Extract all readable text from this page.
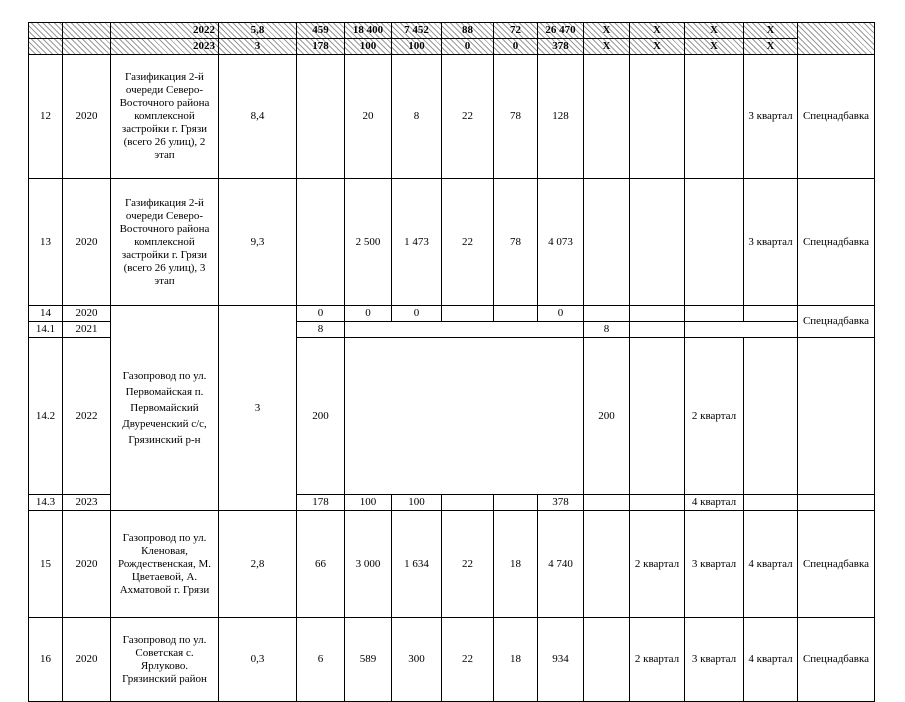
		2022	5,8	459	18 400	7 452	88	72	26 470	X	X	X	X		
		2023	3	178	100	100	0	0	378	X	X	X	X		
12	2020	Газификация 2-й очереди Северо-Восточного района комплексной застройки г. Грязи (всего 26 улиц), 2 этап	8,4		20	8	22	78	128				3 квартал	Спецнадбавка	
13	2020	Газификация 2-й очереди Северо-Восточного района комплексной застройки г. Грязи (всего 26 улиц), 3 этап	9,3		2 500	1 473	22	78	4 073				3 квартал	Спецнадбавка	
14	2020	Газопровод по ул. Первомайская п. Первомайский Двуреченский с/с, Грязинский р-н	3	0	0	0			0					Спецнадбавка	
14.1	2021			8						8					
14.2	2022			200						200		2 квартал			
14.3	2023			178	100	100			378			4 квартал			
15	2020	Газопровод по ул. Кленовая, Рождественская, М. Цветаевой, А. Ахматовой г. Грязи	2,8	66	3 000	1 634	22	18	4 740		2 квартал	3 квартал	4 квартал	Спецнадбавка	
16	2020	Газопровод по ул. Советская с. Ярлуково. Грязинский район	0,3	6	589	300	22	18	934		2 квартал	3 квартал	4 квартал	Спецнадбавка	
